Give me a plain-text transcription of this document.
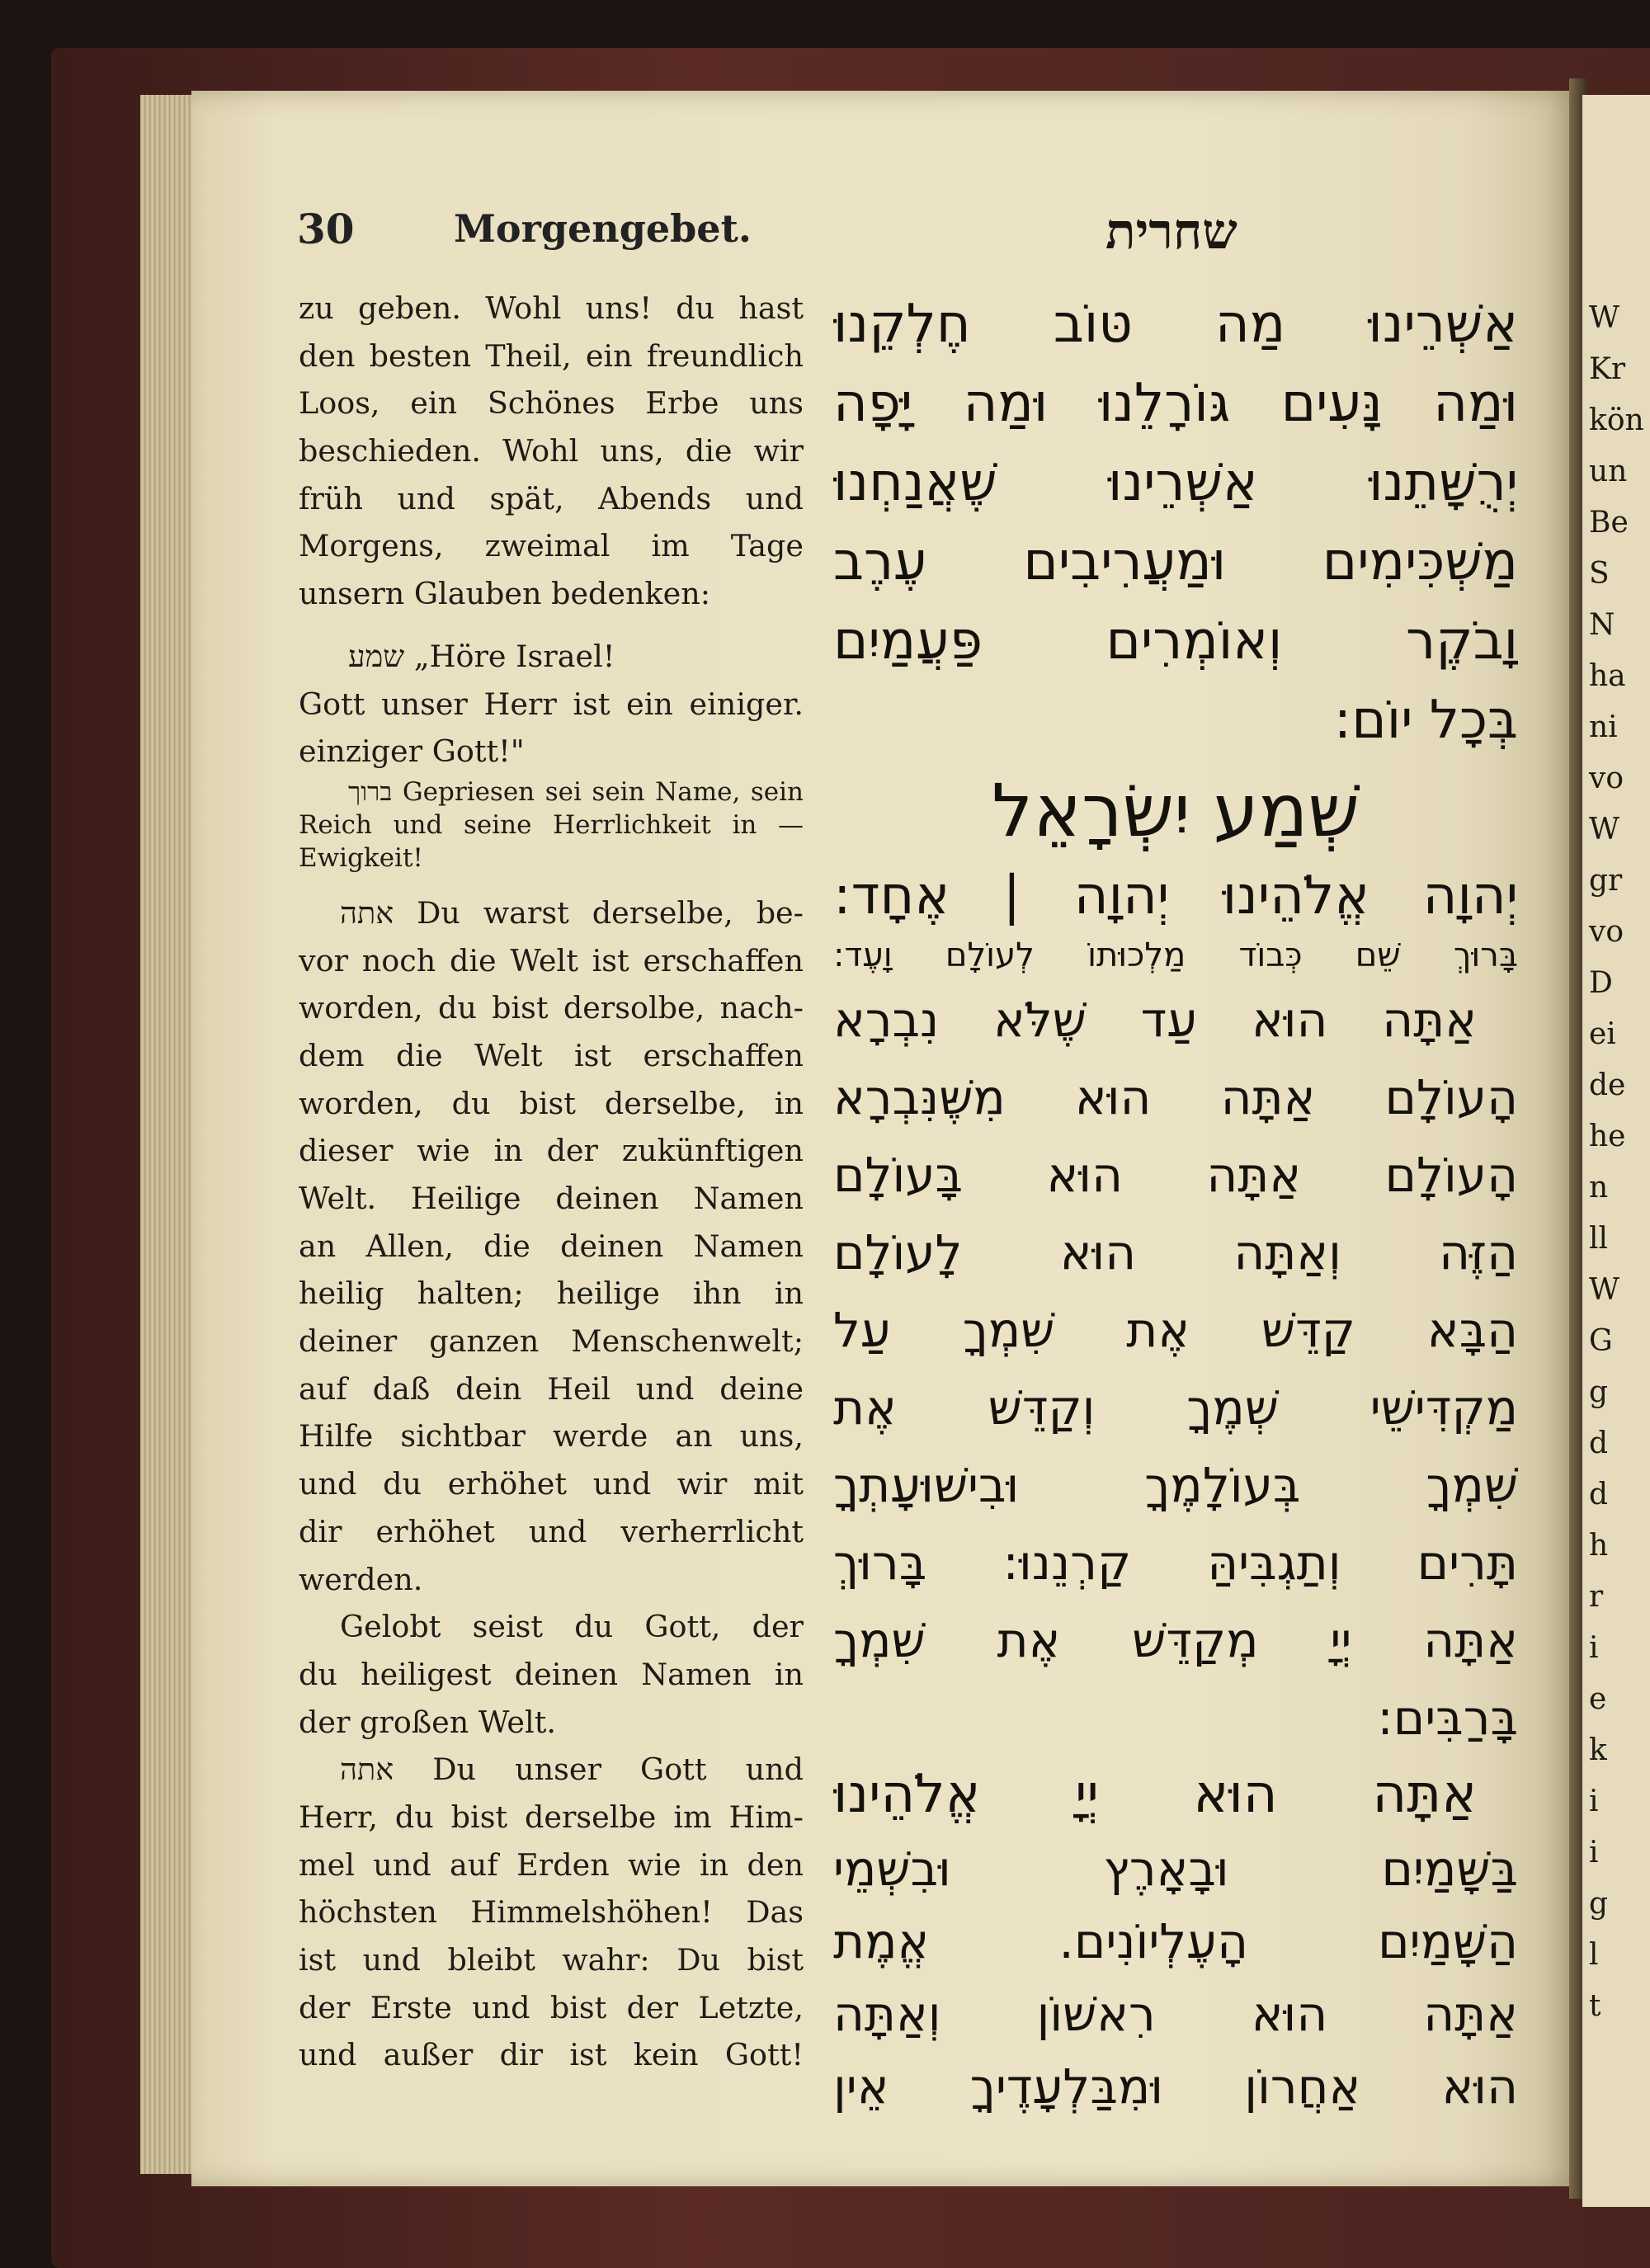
W
Kr
kön
un
Be
S
N
ha
ni
vo
W
gr
vo
D
ei
de
he
n
ll
W
G
g
d
d
h
r
i
e
k
i
i
g
l
t
30	Morgengebet.	שחרית
zu geben. Wohl uns! du hast
den besten Theil, ein freundlich
Loos, ein Schönes Erbe uns
beschieden. Wohl uns, die wir
früh und spät, Abends und
Morgens, zweimal im Tage
unsern Glauben bedenken:
שמע „Höre Israel!
Gott unser Herr ist ein einiger.
einziger Gott!"
ברוך Gepriesen sei sein Name, sein
Reich und seine Herrlichkeit in —
Ewigkeit!
אתה Du warst derselbe, be-
vor noch die Welt ist erschaffen
worden, du bist dersolbe, nach-
dem die Welt ist erschaffen
worden, du bist derselbe, in
dieser wie in der zukünftigen
Welt. Heilige deinen Namen
an Allen, die deinen Namen
heilig halten; heilige ihn in
deiner ganzen Menschenwelt;
auf daß dein Heil und deine
Hilfe sichtbar werde an uns,
und du erhöhet und wir mit
dir erhöhet und verherrlicht
werden.
Gelobt seist du Gott, der
du heiligest deinen Namen in
der großen Welt.
אתה Du unser Gott und
Herr, du bist derselbe im Him-
mel und auf Erden wie in den
höchsten Himmelshöhen! Das
ist und bleibt wahr: Du bist
der Erste und bist der Letzte,
und außer dir ist kein Gott!
אַשְׁרֵינוּ מַה טּוֹב חֶלְקֵנוּ
וּמַה נָּעִים גּוֹרָלֵנוּ וּמַה יָּפָה
יְרֻשָּׁתֵנוּ אַשְׁרֵינוּ שֶׁאֲנַחְנוּ
מַשְׁכִּימִים וּמַעֲרִיבִים עֶרֶב
וָבֹקֶר וְאוֹמְרִים פַּעֲמַיִם
בְּכָל יוֹם:
שְׁמַע יִשְׂרָאֵל
יְהוָה אֱלֹהֵינוּ יְהוָה | אֶחָד:
בָּרוּךְ שֵׁם כְּבוֹד מַלְכוּתוֹ לְעוֹלָם וָעֶד:
אַתָּה הוּא עַד שֶׁלֹּא נִבְרָא
הָעוֹלָם אַתָּה הוּא מִשֶּׁנִּבְרָא
הָעוֹלָם אַתָּה הוּא בָּעוֹלָם
הַזֶּה וְאַתָּה הוּא לָעוֹלָם
הַבָּא קַדֵּשׁ אֶת שִׁמְךָ עַל
מַקְדִּישֵׁי שְׁמֶךָ וְקַדֵּשׁ אֶת
שִׁמְךָ בְּעוֹלָמֶךָ וּבִישׁוּעָתְךָ
תָּרִים וְתַגְבִּיהַּ קַרְנֵנוּ: בָּרוּךְ
אַתָּה יְיָ מְקַדֵּשׁ אֶת שִׁמְךָ
בָּרַבִּים:
אַתָּה הוּא יְיָ אֱלֹהֵינוּ
בַּשָּׁמַיִם וּבָאָרֶץ וּבִשְׁמֵי
הַשָּׁמַיִם הָעֶלְיוֹנִים. אֱמֶת
אַתָּה הוּא רִאשׁוֹן וְאַתָּה
הוּא אַחֲרוֹן וּמִבַּלְעָדֶיךָ אֵין
